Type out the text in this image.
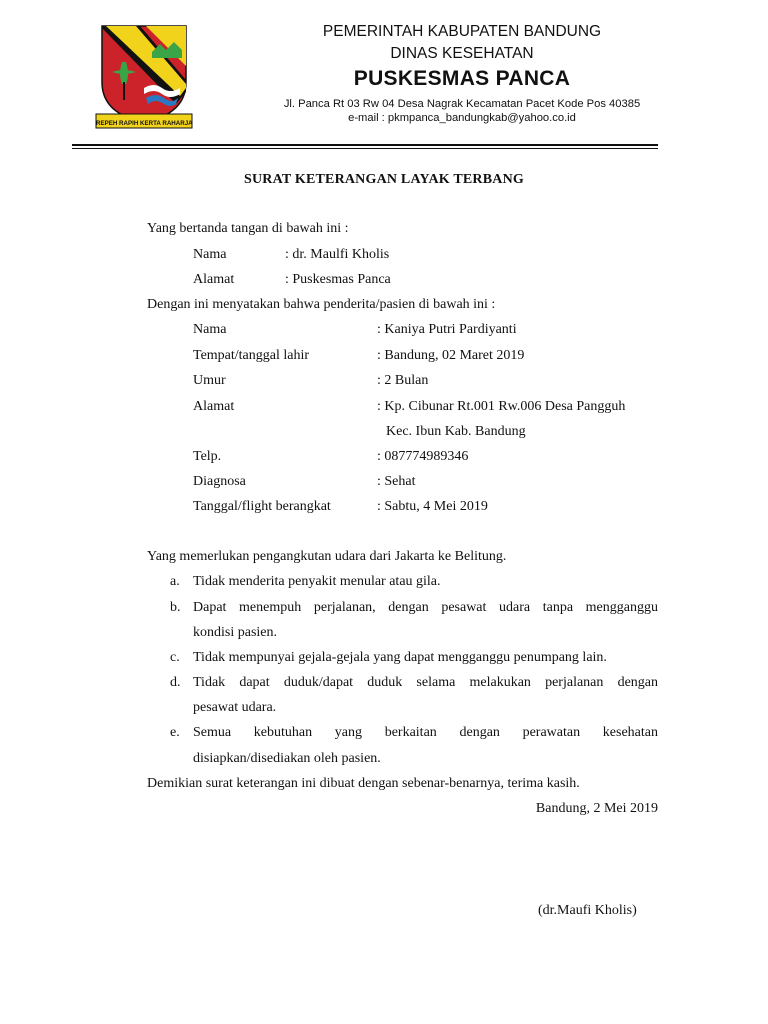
REPEH RAPIH KERTA RAHARJA
PEMERINTAH KABUPATEN BANDUNG
DINAS KESEHATAN
PUSKESMAS PANCA
Jl. Panca Rt 03 Rw 04 Desa Nagrak Kecamatan Pacet Kode Pos 40385
e-mail : pkmpanca_bandungkab@yahoo.co.id
SURAT KETERANGAN LAYAK TERBANG
Yang bertanda tangan di bawah ini :
Nama	: dr. Maulfi Kholis
Alamat	: Puskesmas Panca
Dengan ini menyatakan bahwa penderita/pasien di bawah ini :
Nama	: Kaniya Putri Pardiyanti
Tempat/tanggal lahir	: Bandung, 02 Maret 2019
Umur	: 2 Bulan
Alamat	: Kp. Cibunar Rt.001 Rw.006 Desa Pangguh
Kec. Ibun Kab. Bandung
Telp.	: 087774989346
Diagnosa	: Sehat
Tanggal/flight berangkat	: Sabtu, 4 Mei 2019
Yang memerlukan pengangkutan udara dari Jakarta ke Belitung.
a. Tidak menderita penyakit menular atau gila.
b. Dapat menempuh perjalanan, dengan pesawat udara tanpa mengganggu
kondisi pasien.
c. Tidak mempunyai gejala-gejala yang dapat mengganggu penumpang lain.
d. Tidak dapat duduk/dapat duduk selama melakukan perjalanan dengan
pesawat udara.
e. Semua kebutuhan yang berkaitan dengan perawatan kesehatan
disiapkan/disediakan oleh pasien.
Demikian surat keterangan ini dibuat dengan sebenar-benarnya, terima kasih.
Bandung, 2 Mei 2019
(dr.Maufi Kholis)
